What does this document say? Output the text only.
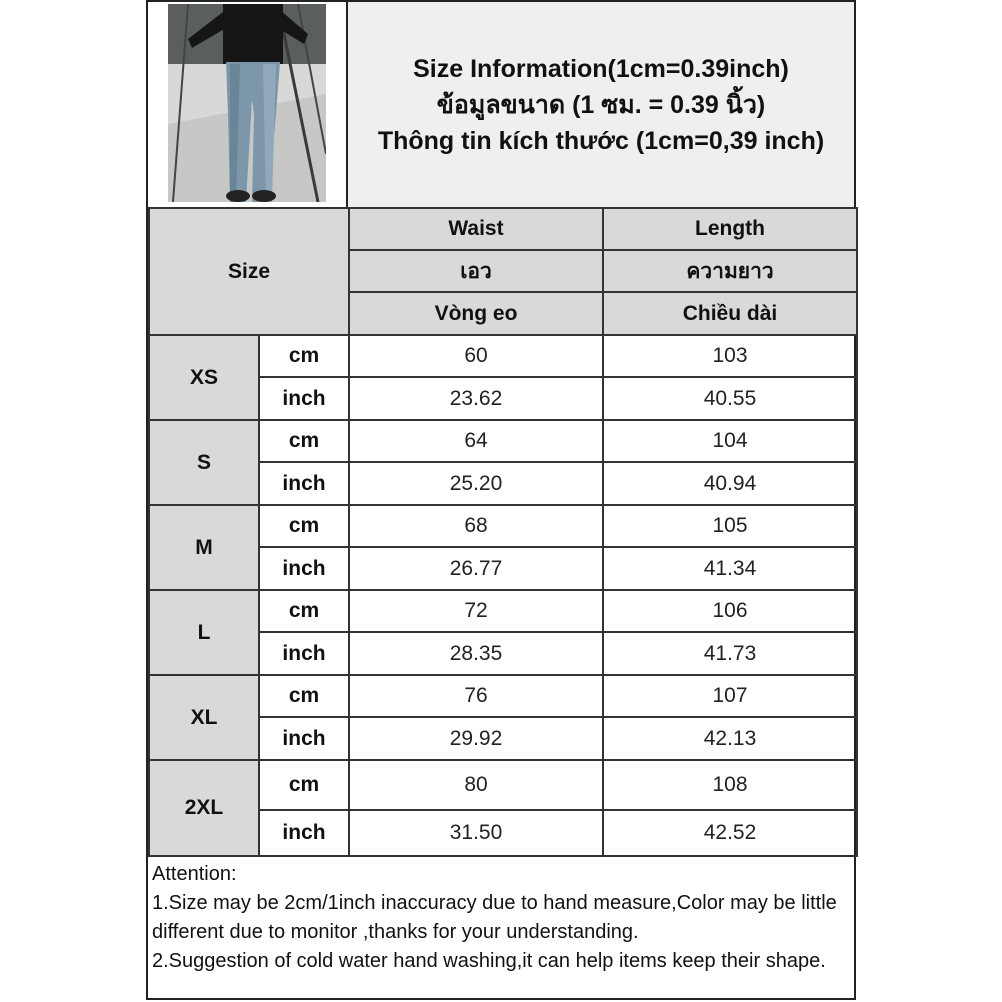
Size Information(1cm=0.39inch)
ข้อมูลขนาด (1 ซม. = 0.39 นิ้ว)
Thông tin kích thước (1cm=0,39 inch)
Size		Waist	Length
		เอว	ความยาว
		Vòng eo	Chiều dài
XS	cm	60	103
	inch	23.62	40.55
S	cm	64	104
	inch	25.20	40.94
M	cm	68	105
	inch	26.77	41.34
L	cm	72	106
	inch	28.35	41.73
XL	cm	76	107
	inch	29.92	42.13
2XL	cm	80	108
	inch	31.50	42.52

Attention:

1.Size may be 2cm/1inch inaccuracy due to hand measure,Color may be little different due to monitor ,thanks for your understanding.

2.Suggestion of cold water hand washing,it can help items keep their shape.
